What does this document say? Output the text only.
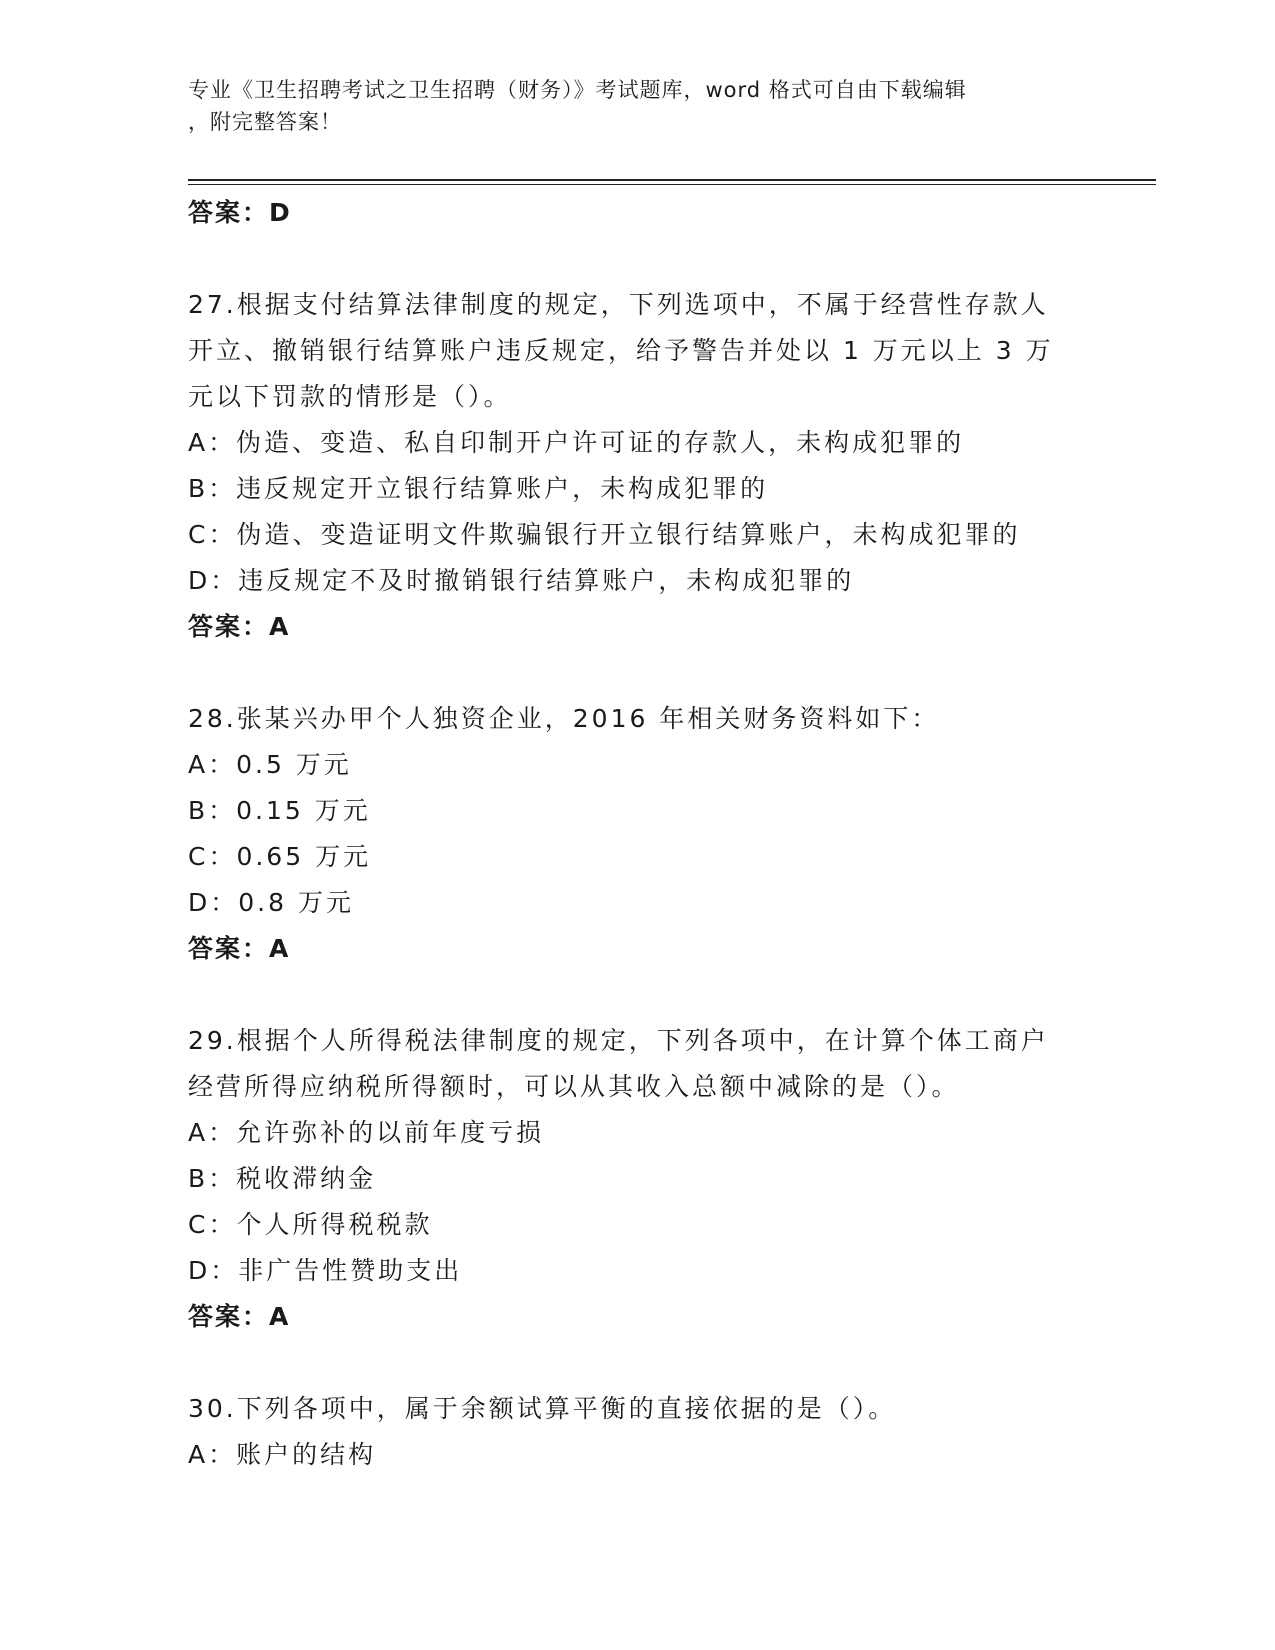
专业《卫生招聘考试之卫生招聘（财务）》考试题库，word 格式可自由下载编辑
，附完整答案！
答案：D
27.根据支付结算法律制度的规定，下列选项中，不属于经营性存款人
开立、撤销银行结算账户违反规定，给予警告并处以 1 万元以上 3 万
元以下罚款的情形是（）。
A：伪造、变造、私自印制开户许可证的存款人，未构成犯罪的
B：违反规定开立银行结算账户，未构成犯罪的
C：伪造、变造证明文件欺骗银行开立银行结算账户，未构成犯罪的
D：违反规定不及时撤销银行结算账户，未构成犯罪的
答案：A
28.张某兴办甲个人独资企业，2016 年相关财务资料如下：
A：0.5 万元
B：0.15 万元
C：0.65 万元
D：0.8 万元
答案：A
29.根据个人所得税法律制度的规定，下列各项中，在计算个体工商户
经营所得应纳税所得额时，可以从其收入总额中减除的是（）。
A：允许弥补的以前年度亏损
B：税收滞纳金
C：个人所得税税款
D：非广告性赞助支出
答案：A
30.下列各项中，属于余额试算平衡的直接依据的是（）。
A：账户的结构
